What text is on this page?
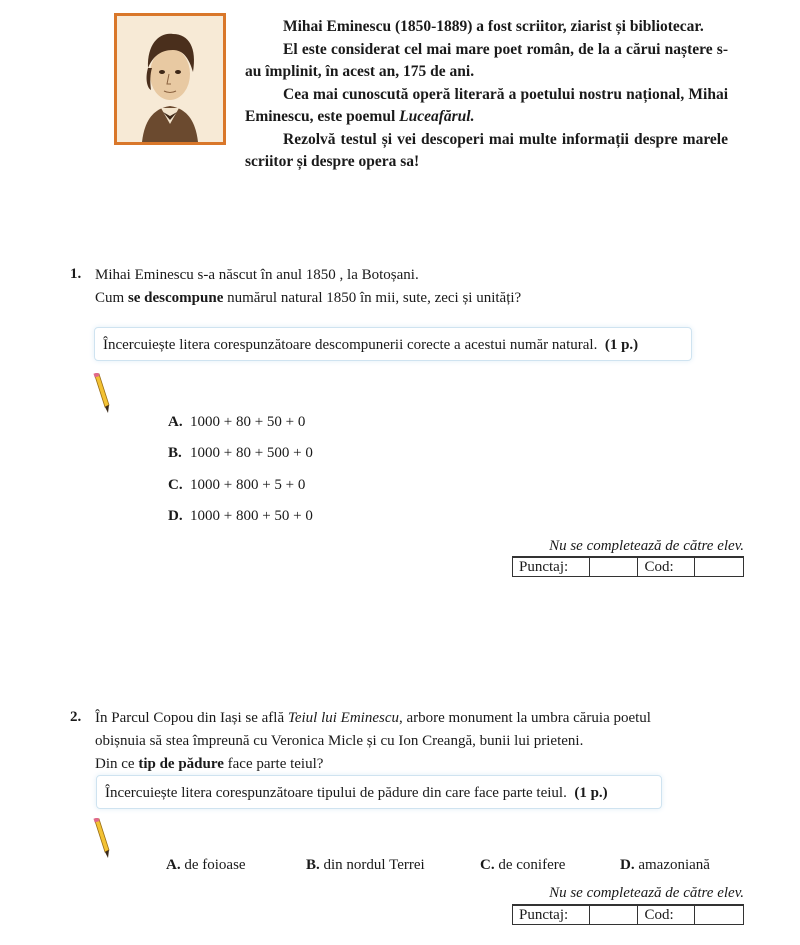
Mihai Eminescu (1850-1889) a fost scriitor, ziarist și bibliotecar.

El este considerat cel mai mare poet român, de la a cărui naștere s-au împlinit, în acest an, 175 de ani.

Cea mai cunoscută operă literară a poetului nostru național, Mihai Eminescu, este poemul Luceafărul.

Rezolvă testul și vei descoperi mai multe informații despre marele scriitor și despre opera sa!

1. Mihai Eminescu s-a născut în anul 1850 , la Botoșani.

Cum se descompune numărul natural 1850 în mii, sute, zeci și unități?

Încercuiește litera corespunzătoare descompunerii corecte a acestui număr natural. (1 p.)
A. 1000 + 80 + 50 + 0
B. 1000 + 80 + 500 + 0
C. 1000 + 800 + 5 + 0
D. 1000 + 800 + 50 + 0
Nu se completează de către elev.
Punctaj:		Cod:	
2. În Parcul Copou din Iași se află Teiul lui Eminescu, arbore monument la umbra căruia poetul

obișnuia să stea împreună cu Veronica Micle și cu Ion Creangă, bunii lui prieteni.

Din ce tip de pădure face parte teiul?

Încercuiește litera corespunzătoare tipului de pădure din care face parte teiul. (1 p.)
A. de foioase	B. din nordul Terrei	C. de conifere	D. amazoniană
Nu se completează de către elev.
Punctaj:		Cod:	
